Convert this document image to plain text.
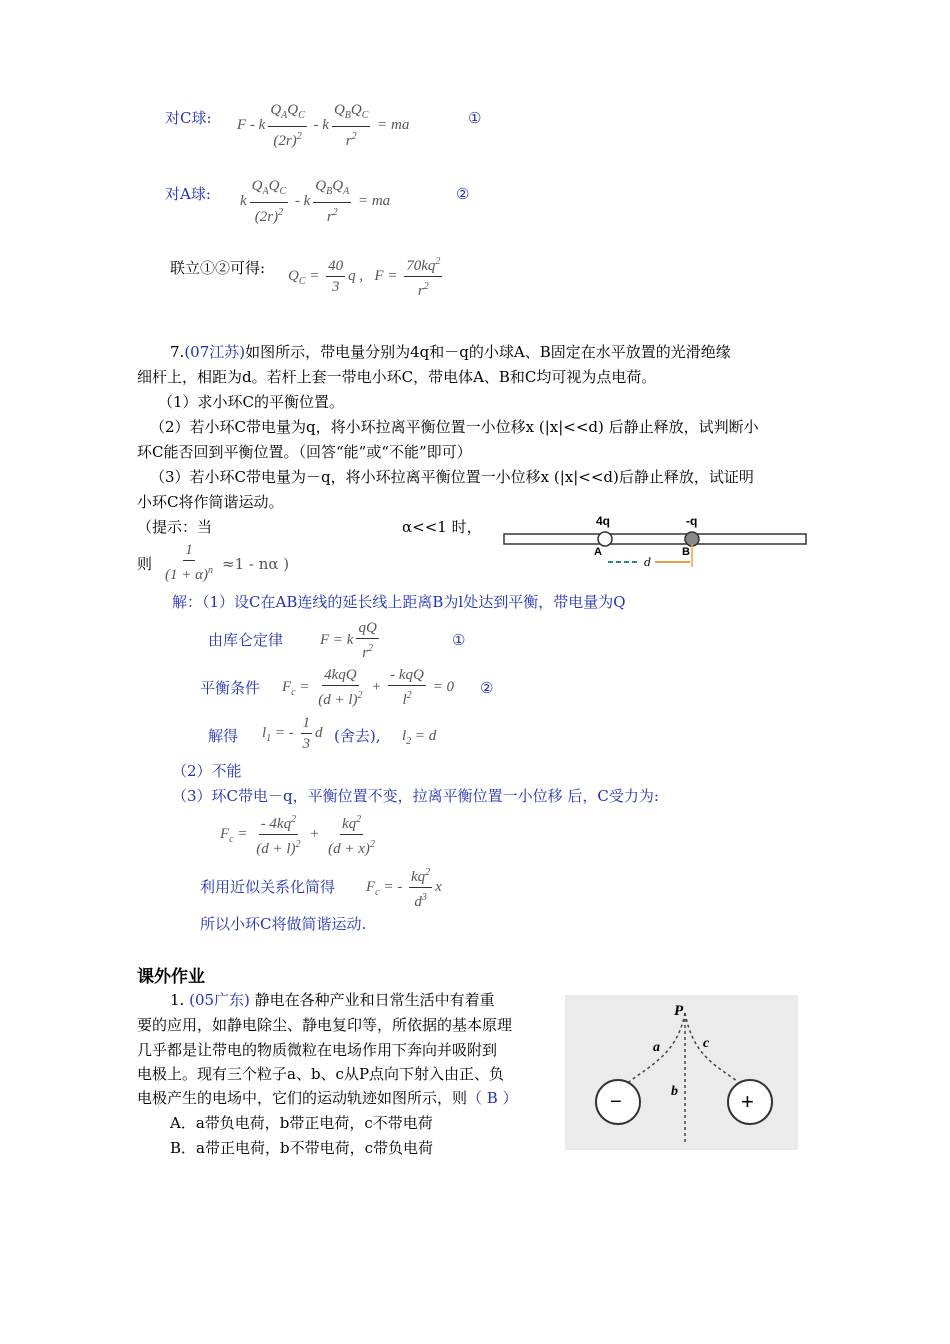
对C球: F - k $\frac{Q_AQ_C}{(2r)^2}$ - k $\frac{Q_BQ_C}{r^2}$ = ma	①
对A球: k $\frac{Q_AQ_C}{(2r)^2}$ - k $\frac{Q_BQ_A}{r^2}$ = ma	②
联立①②可得: $Q_C = \frac{40}{3}$ q ,   $F = \frac{70kq^2}{r^2}$
7.(07江苏)如图所示，带电量分别为4q和－q的小球A、B固定在水平放置的光滑绝缘
细杆上，相距为d。若杆上套一带电小环C，带电体A、B和C均可视为点电荷。
（1）求小环C的平衡位置。
（2）若小环C带电量为q，将小环拉离平衡位置一小位移x (|x|<<d) 后静止释放，试判断小
环C能否回到平衡位置。（回答“能”或“不能”即可）
（3）若小环C带电量为－q，将小环拉离平衡位置一小位移x (|x|<<d)后静止释放，试证明
小环C将作简谐运动。
（提示：当	α<<1 时，
则 $\frac{1}{(1 + \alpha)^n} \approx 1 - n\alpha$ )
4q	-q
A	B
d
解：（1）设C在AB连线的延长线上距离B为l处达到平衡，带电量为Q
由库仑定律 F = k $\frac{qQ}{r^2}$	①
平衡条件 $F_c = \frac{\text{4kqQ}}{(d + l)^2} + \frac{\text{- kqQ}}{l^2} = 0$ ②
解得 $l_1$ = - $\frac{1}{3}$ d (舍去), $l_2 = d$
（2）不能
（3）环C带电－q，平衡位置不变，拉离平衡位置一小位移 后，C受力为:
$F_c = \frac{- 4kq^2}{(d + l)^2} + \frac{kq^2}{(d + x)^2}$
利用近似关系化简得 $F_c$ = - $\frac{kq^2}{d^3}$ x
所以小环C将做简谐运动.
课外作业
1. (05广东) 静电在各种产业和日常生活中有着重
要的应用，如静电除尘、静电复印等，所依据的基本原理
几乎都是让带电的物质微粒在电场作用下奔向并吸附到
电极上。现有三个粒子a、b、c从P点向下射入由正、负
电极产生的电场中，它们的运动轨迹如图所示，则（ B ）
A．a带负电荷，b带正电荷，c不带电荷
B．a带正电荷，b不带电荷，c带负电荷
P
−	+
a
b
c
